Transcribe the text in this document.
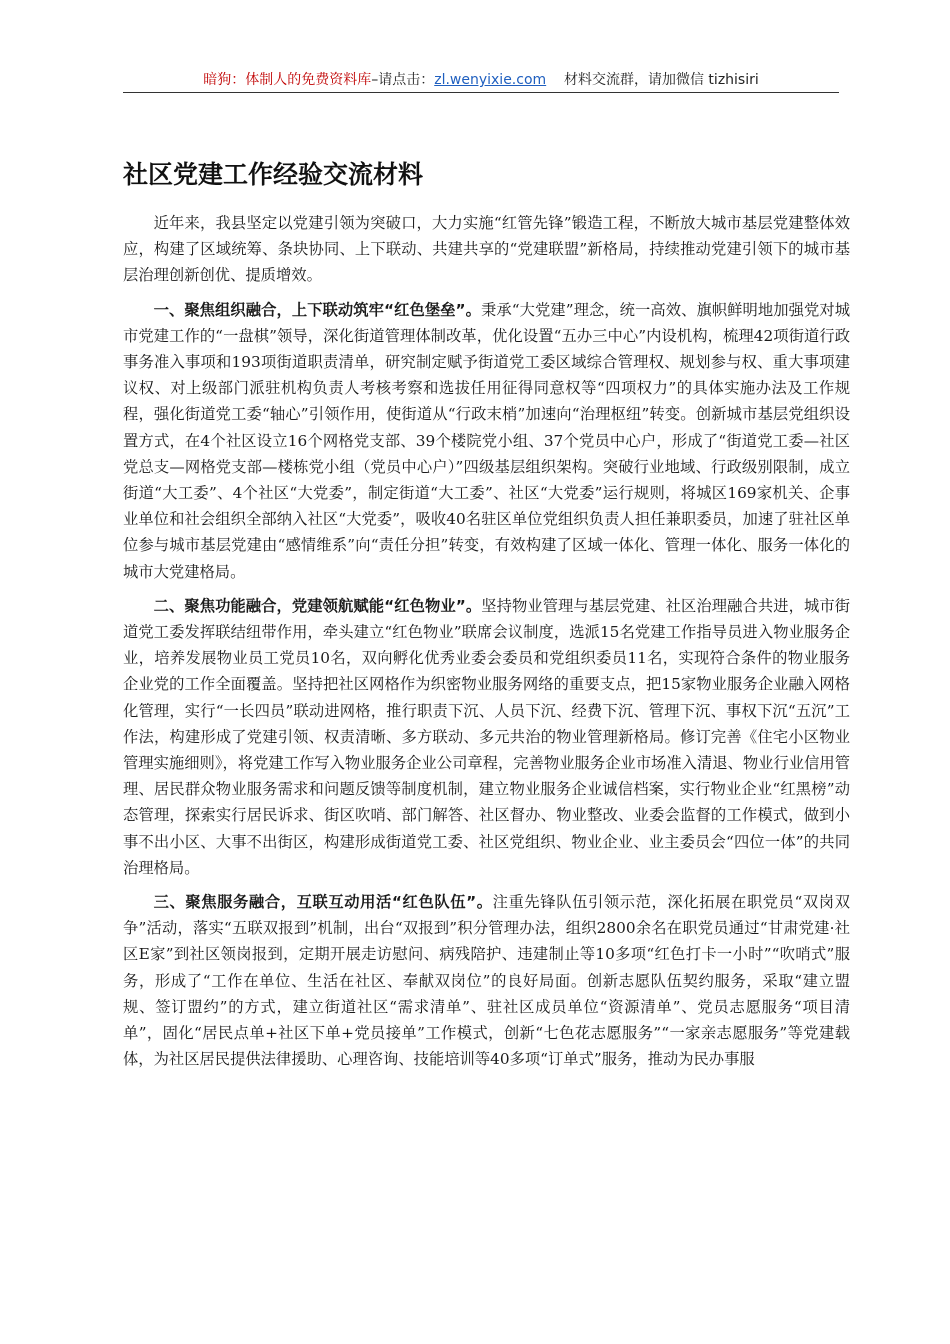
暗狗：体制人的免费资料库–请点击：zl.wenyixie.com 材料交流群，请加微信 tizhisiri
社区党建工作经验交流材料

近年来，我县坚定以党建引领为突破口，大力实施“红管先锋”锻造工程，不断放大城市基层党建整体效应，构建了区域统筹、条块协同、上下联动、共建共享的“党建联盟”新格局，持续推动党建引领下的城市基层治理创新创优、提质增效。

一、聚焦组织融合，上下联动筑牢“红色堡垒”。秉承“大党建”理念，统一高效、旗帜鲜明地加强党对城市党建工作的“一盘棋”领导，深化街道管理体制改革，优化设置“五办三中心”内设机构，梳理42项街道行政事务准入事项和193项街道职责清单，研究制定赋予街道党工委区域综合管理权、规划参与权、重大事项建议权、对上级部门派驻机构负责人考核考察和选拔任用征得同意权等“四项权力”的具体实施办法及工作规程，强化街道党工委“轴心”引领作用，使街道从“行政末梢”加速向“治理枢纽”转变。创新城市基层党组织设置方式，在4个社区设立16个网格党支部、39个楼院党小组、37个党员中心户，形成了“街道党工委—社区党总支—网格党支部—楼栋党小组（党员中心户）”四级基层组织架构。突破行业地域、行政级别限制，成立街道“大工委”、4个社区“大党委”，制定街道“大工委”、社区“大党委”运行规则，将城区169家机关、企事业单位和社会组织全部纳入社区“大党委”，吸收40名驻区单位党组织负责人担任兼职委员，加速了驻社区单位参与城市基层党建由“感情维系”向“责任分担”转变，有效构建了区域一体化、管理一体化、服务一体化的城市大党建格局。

二、聚焦功能融合，党建领航赋能“红色物业”。坚持物业管理与基层党建、社区治理融合共进，城市街道党工委发挥联结纽带作用，牵头建立“红色物业”联席会议制度，选派15名党建工作指导员进入物业服务企业，培养发展物业员工党员10名，双向孵化优秀业委会委员和党组织委员11名，实现符合条件的物业服务企业党的工作全面覆盖。坚持把社区网格作为织密物业服务网络的重要支点，把15家物业服务企业融入网格化管理，实行“一长四员”联动进网格，推行职责下沉、人员下沉、经费下沉、管理下沉、事权下沉“五沉”工作法，构建形成了党建引领、权责清晰、多方联动、多元共治的物业管理新格局。修订完善《住宅小区物业管理实施细则》，将党建工作写入物业服务企业公司章程，完善物业服务企业市场准入清退、物业行业信用管理、居民群众物业服务需求和问题反馈等制度机制，建立物业服务企业诚信档案，实行物业企业“红黑榜”动态管理，探索实行居民诉求、街区吹哨、部门解答、社区督办、物业整改、业委会监督的工作模式，做到小事不出小区、大事不出街区，构建形成街道党工委、社区党组织、物业企业、业主委员会“四位一体”的共同治理格局。

三、聚焦服务融合，互联互动用活“红色队伍”。注重先锋队伍引领示范，深化拓展在职党员“双岗双争”活动，落实“五联双报到”机制，出台“双报到”积分管理办法，组织2800余名在职党员通过“甘肃党建·社区E家”到社区领岗报到，定期开展走访慰问、病残陪护、违建制止等10多项“红色打卡一小时”“吹哨式”服务，形成了“工作在单位、生活在社区、奉献双岗位”的良好局面。创新志愿队伍契约服务，采取“建立盟规、签订盟约”的方式，建立街道社区“需求清单”、驻社区成员单位“资源清单”、党员志愿服务“项目清单”，固化“居民点单+社区下单+党员接单”工作模式，创新“七色花志愿服务”“一家亲志愿服务”等党建载体，为社区居民提供法律援助、心理咨询、技能培训等40多项“订单式”服务，推动为民办事服
